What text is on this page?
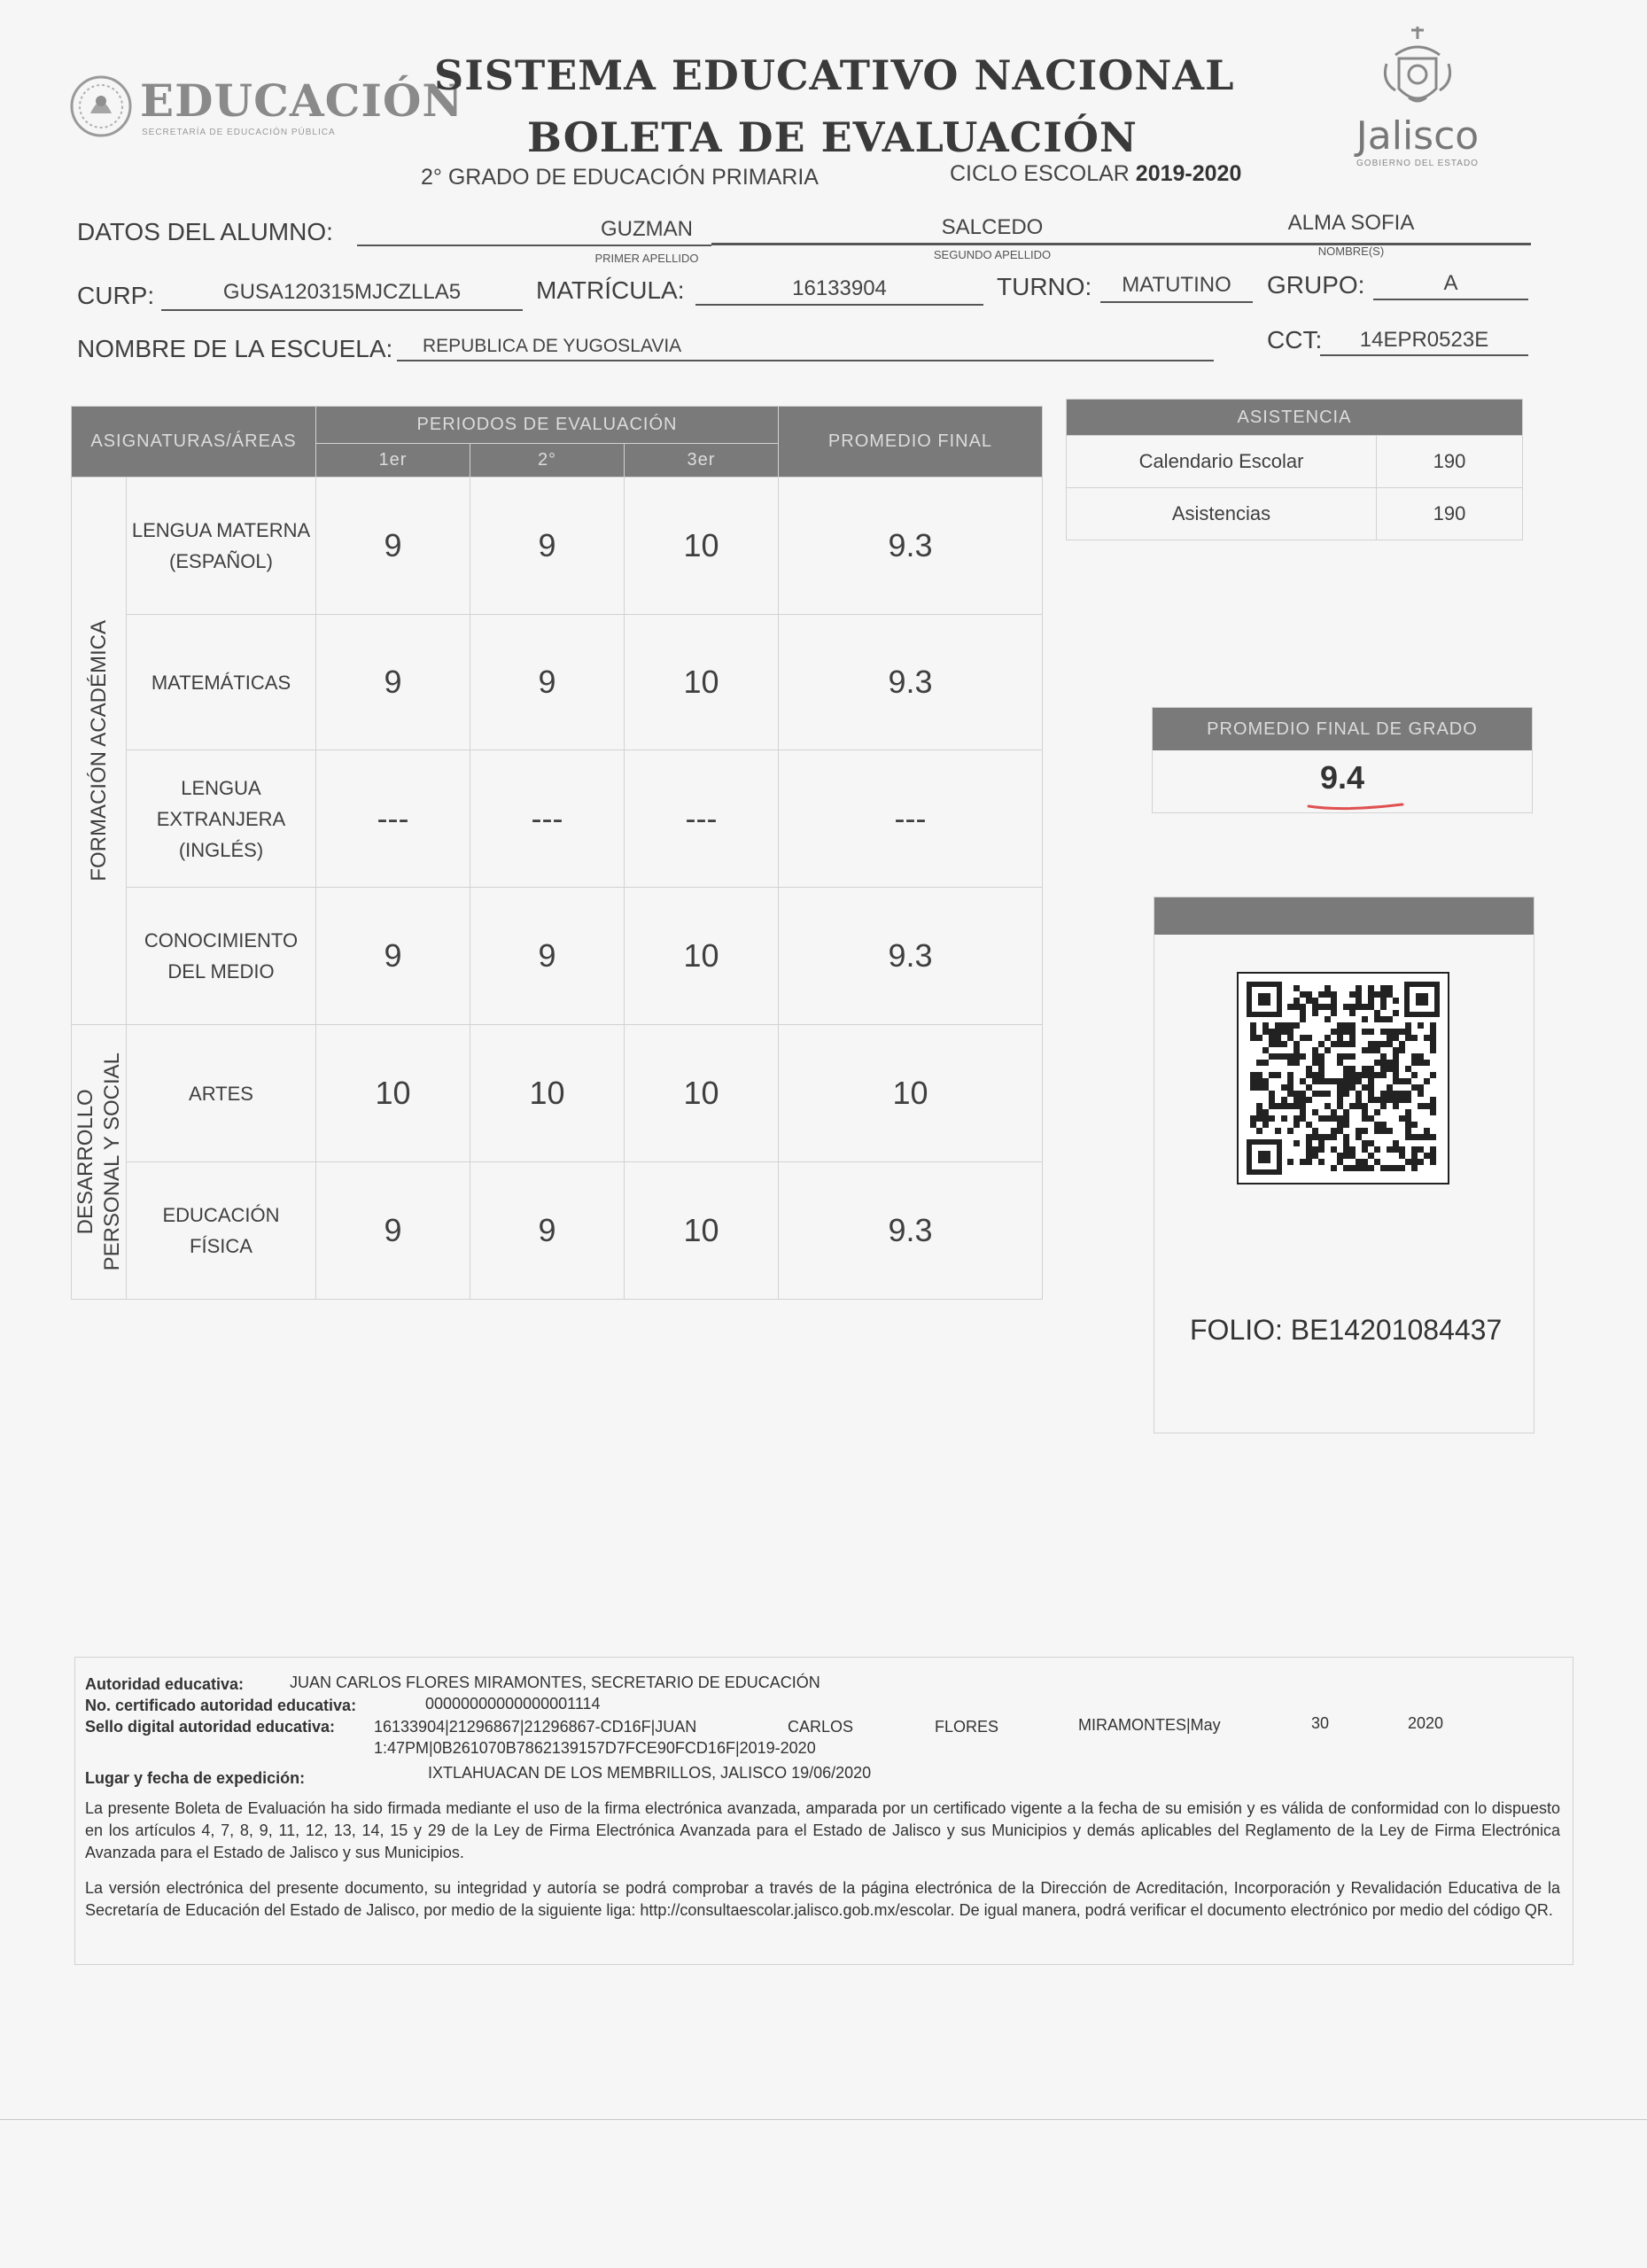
EDUCACIÓN
SECRETARÍA DE EDUCACIÓN PÚBLICA
SISTEMA EDUCATIVO NACIONAL
BOLETA DE EVALUACIÓN
2° GRADO DE EDUCACIÓN PRIMARIA	CICLO ESCOLAR 2019-2020
Jalisco
GOBIERNO DEL ESTADO
DATOS DEL ALUMNO:	GUZMAN	SALCEDO	ALMA SOFIA
PRIMER APELLIDO	SEGUNDO APELLIDO	NOMBRE(S)
CURP:	GUSA120315MJCZLLA5	MATRÍCULA:	16133904	TURNO:	MATUTINO	GRUPO:	A
NOMBRE DE LA ESCUELA: REPUBLICA DE YUGOSLAVIA	CCT:	14EPR0523E
ASIGNATURAS/ÁREAS		PERIODOS DE EVALUACIÓN			PROMEDIO FINAL
		1er	2°	3er	

FORMACIÓN ACADÉMICA	LENGUA MATERNA
(ESPAÑOL)	9	9	10	9.3
	MATEMÁTICAS	9	9	10	9.3
	LENGUA
EXTRANJERA
(INGLÉS)	---	---	---	---
	CONOCIMIENTO
DEL MEDIO	9	9	10	9.3

DESARROLLO
PERSONAL Y SOCIAL	ARTES	10	10	10	10
	EDUCACIÓN
FÍSICA	9	9	10	9.3
ASISTENCIA	
Calendario Escolar	190
Asistencias	190
PROMEDIO FINAL DE GRADO
9.4
FOLIO: BE14201084437
Autoridad educativa:	JUAN CARLOS FLORES MIRAMONTES, SECRETARIO DE EDUCACIÓN
No. certificado autoridad educativa:	00000000000000001114
Sello digital autoridad educativa: 16133904|21296867|21296867-CD16F|JUAN	CARLOS	FLORES	MIRAMONTES|May	30	2020
1:47PM|0B261070B7862139157D7FCE90FCD16F|2019-2020
Lugar y fecha de expedición:	IXTLAHUACAN DE LOS MEMBRILLOS, JALISCO 19/06/2020
La presente Boleta de Evaluación ha sido firmada mediante el uso de la firma electrónica avanzada, amparada por un certificado vigente a la fecha de su emisión y es válida de conformidad con lo dispuesto en los artículos 4, 7, 8, 9, 11, 12, 13, 14, 15 y 29 de la Ley de Firma Electrónica Avanzada para el Estado de Jalisco y sus Municipios y demás aplicables del Reglamento de la Ley de Firma Electrónica Avanzada para el Estado de Jalisco y sus Municipios.
La versión electrónica del presente documento, su integridad y autoría se podrá comprobar a través de la página electrónica de la Dirección de Acreditación, Incorporación y Revalidación Educativa de la Secretaría de Educación del Estado de Jalisco, por medio de la siguiente liga: http://consultaescolar.jalisco.gob.mx/escolar. De igual manera, podrá verificar el documento electrónico por medio del código QR.
